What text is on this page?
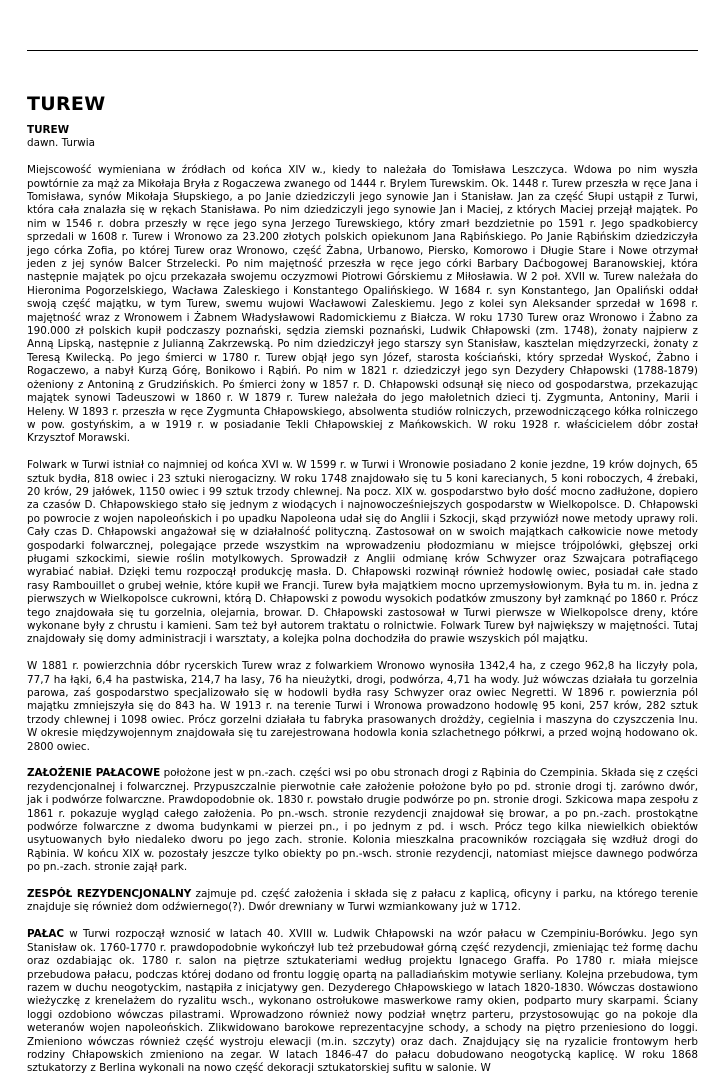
TUREW

TUREW

dawn. Turwia

Miejscowość wymieniana w źródłach od końca XIV w., kiedy to należała do Tomisława Leszczyca. Wdowa po nim wyszła powtórnie za mąż za Mikołaja Bryła z Rogaczewa zwanego od 1444 r. Brylem Turewskim. Ok. 1448 r. Turew przeszła w ręce Jana i Tomisława, synów Mikołaja Słupskiego, a po Janie dziedziczyli jego synowie Jan i Stanisław. Jan za część Słupi ustąpił z Turwi, która cała znalazła się w rękach Stanisława. Po nim dziedziczyli jego synowie Jan i Maciej, z których Maciej przejął majątek. Po nim w 1546 r. dobra przeszły w ręce jego syna Jerzego Turewskiego, który zmarł bezdzietnie po 1591 r. Jego spadkobiercy sprzedali w 1608 r. Turew i Wronowo za 23.200 złotych polskich opiekunom Jana Rąbińskiego. Po Janie Rąbińskim dziedziczyła jego córka Zofia, po której Turew oraz Wronowo, część Żabna, Urbanowo, Piersko, Komorowo i Długie Stare i Nowe otrzymał jeden z jej synów Balcer Strzelecki. Po nim majętność przeszła w ręce jego córki Barbary Daćbogowej Baranowskiej, która następnie majątek po ojcu przekazała swojemu oczyzmowi Piotrowi Górskiemu z Miłosławia. W 2 poł. XVII w. Turew należała do Hieronima Pogorzelskiego, Wacława Zaleskiego i Konstantego Opalińskiego. W 1684 r. syn Konstantego, Jan Opaliński oddał swoją część majątku, w tym Turew, swemu wujowi Wacławowi Zaleskiemu. Jego z kolei syn Aleksander sprzedał w 1698 r. majętność wraz z Wronowem i Żabnem Władysławowi Radomickiemu z Białcza. W roku 1730 Turew oraz Wronowo i Żabno za 190.000 zł polskich kupił podczaszy poznański, sędzia ziemski poznański, Ludwik Chłapowski (zm. 1748), żonaty najpierw z Anną Lipską, następnie z Julianną Zakrzewską. Po nim dziedziczył jego starszy syn Stanisław, kasztelan międzyrzecki, żonaty z Teresą Kwilecką. Po jego śmierci w 1780 r. Turew objął jego syn Józef, starosta kościański, który sprzedał Wyskoć, Żabno i Rogaczewo, a nabył Kurzą Górę, Bonikowo i Rąbiń. Po nim w 1821 r. dziedziczył jego syn Dezydery Chłapowski (1788-1879) ożeniony z Antoniną z Grudzińskich. Po śmierci żony w 1857 r. D. Chłapowski odsunął się nieco od gospodarstwa, przekazując majątek synowi Tadeuszowi w 1860 r. W 1879 r. Turew należała do jego małoletnich dzieci tj. Zygmunta, Antoniny, Marii i Heleny. W 1893 r. przeszła w ręce Zygmunta Chłapowskiego, absolwenta studiów rolniczych, przewodniczącego kółka rolniczego w pow. gostyńskim, a w 1919 r. w posiadanie Tekli Chłapowskiej z Mańkowskich. W roku 1928 r. właścicielem dóbr został Krzysztof Morawski.

Folwark w Turwi istniał co najmniej od końca XVI w. W 1599 r. w Turwi i Wronowie posiadano 2 konie jezdne, 19 krów dojnych, 65 sztuk bydła, 818 owiec i 23 sztuki nierogacizny. W roku 1748 znajdowało się tu 5 koni karecianych, 5 koni roboczych, 4 źrebaki, 20 krów, 29 jałówek, 1150 owiec i 99 sztuk trzody chlewnej. Na pocz. XIX w. gospodarstwo było dość mocno zadłużone, dopiero za czasów D. Chłapowskiego stało się jednym z wiodących i najnowocześniejszych gospodarstw w Wielkopolsce. D. Chłapowski po powrocie z wojen napoleońskich i po upadku Napoleona udał się do Anglii i Szkocji, skąd przywiózł nowe metody uprawy roli. Cały czas D. Chłapowski angażował się w działalność polityczną. Zastosował on w swoich majątkach całkowicie nowe metody gospodarki folwarcznej, polegające przede wszystkim na wprowadzeniu płodozmianu w miejsce trójpolówki, głębszej orki pługami szkockimi, siewie roślin motylkowych. Sprowadził z Anglii odmianę krów Schwyzer oraz Szwajcara potrafiącego wyrabiać nabiał. Dzięki temu rozpoczął produkcję masła. D. Chłapowski rozwinął również hodowlę owiec, posiadał całe stado rasy Rambouillet o grubej wełnie, które kupił we Francji. Turew była majątkiem mocno uprzemysłowionym. Była tu m. in. jedna z pierwszych w Wielkopolsce cukrowni, którą D. Chłapowski z powodu wysokich podatków zmuszony był zamknąć po 1860 r. Prócz tego znajdowała się tu gorzelnia, olejarnia, browar. D. Chłapowski zastosował w Turwi pierwsze w Wielkopolsce dreny, które wykonane były z chrustu i kamieni. Sam też był autorem traktatu o rolnictwie. Folwark Turew był największy w majętności. Tutaj znajdowały się domy administracji i warsztaty, a kolejka polna dochodziła do prawie wszyskich pól majątku.

W 1881 r. powierzchnia dóbr rycerskich Turew wraz z folwarkiem Wronowo wynosiła 1342,4 ha, z czego 962,8 ha liczyły pola, 77,7 ha łąki, 6,4 ha pastwiska, 214,7 ha lasy, 76 ha nieużytki, drogi, podwórza, 4,71 ha wody. Już wówczas działała tu gorzelnia parowa, zaś gospodarstwo specjalizowało się w hodowli bydła rasy Schwyzer oraz owiec Negretti. W 1896 r. powierznia pól majątku zmniejszyła się do 843 ha. W 1913 r. na terenie Turwi i Wronowa prowadzono hodowlę 95 koni, 257 krów, 282 sztuk trzody chlewnej i 1098 owiec. Prócz gorzelni działała tu fabryka prasowanych drożdży, cegielnia i maszyna do czyszczenia lnu. W okresie międzywojennym znajdowała się tu zarejestrowana hodowla konia szlachetnego półkrwi, a przed wojną hodowano ok. 2800 owiec.

ZAŁOŻENIE PAŁACOWE położone jest w pn.-zach. części wsi po obu stronach drogi z Rąbinia do Czempinia. Składa się z części rezydencjonalnej i folwarcznej. Przypuszczalnie pierwotnie całe założenie położone było po pd. stronie drogi tj. zarówno dwór, jak i podwórze folwarczne. Prawdopodobnie ok. 1830 r. powstało drugie podwórze po pn. stronie drogi. Szkicowa mapa zespołu z 1861 r. pokazuje wygląd całego założenia. Po pn.-wsch. stronie rezydencji znajdował się browar, a po pn.-zach. prostokątne podwórze folwarczne z dwoma budynkami w pierzei pn., i po jednym z pd. i wsch. Prócz tego kilka niewielkich obiektów usytuowanych było niedaleko dworu po jego zach. stronie. Kolonia mieszkalna pracowników rozciągała się wzdłuż drogi do Rąbinia. W końcu XIX w. pozostały jeszcze tylko obiekty po pn.-wsch. stronie rezydencji, natomiast miejsce dawnego podwórza po pn.-zach. stronie zajął park.

ZESPÓŁ REZYDENCJONALNY zajmuje pd. część założenia i składa się z pałacu z kaplicą, oficyny i parku, na którego terenie znajduje się również dom odźwiernego(?). Dwór drewniany w Turwi wzmiankowany już w 1712.

PAŁAC w Turwi rozpoczął wznosić w latach 40. XVIII w. Ludwik Chłapowski na wzór pałacu w Czempiniu-Borówku. Jego syn Stanisław ok. 1760-1770 r. prawdopodobnie wykończył lub też przebudował górną część rezydencji, zmieniając też formę dachu oraz ozdabiając ok. 1780 r. salon na piętrze sztukateriami według projektu Ignacego Graffa. Po 1780 r. miała miejsce przebudowa pałacu, podczas której dodano od frontu loggię opartą na palladiańskim motywie serliany. Kolejna przebudowa, tym razem w duchu neogotyckim, nastąpiła z inicjatywy gen. Dezyderego Chłapowskiego w latach 1820-1830. Wówczas dostawiono wieżyczkę z krenelażem do ryzalitu wsch., wykonano ostrołukowe maswerkowe ramy okien, podparto mury skarpami. Ściany loggi ozdobiono wówczas pilastrami. Wprowadzono również nowy podział wnętrz parteru, przystosowując go na pokoje dla weteranów wojen napoleońskich. Zlikwidowano barokowe reprezentacyjne schody, a schody na piętro przeniesiono do loggi. Zmieniono wówczas również część wystroju elewacji (m.in. szczyty) oraz dach. Znajdujący się na ryzalicie frontowym herb rodziny Chłapowskich zmieniono na zegar. W latach 1846-47 do pałacu dobudowano neogotycką kaplicę. W roku 1868 sztukatorzy z Berlina wykonali na nowo część dekoracji sztukatorskiej sufitu w salonie. W
